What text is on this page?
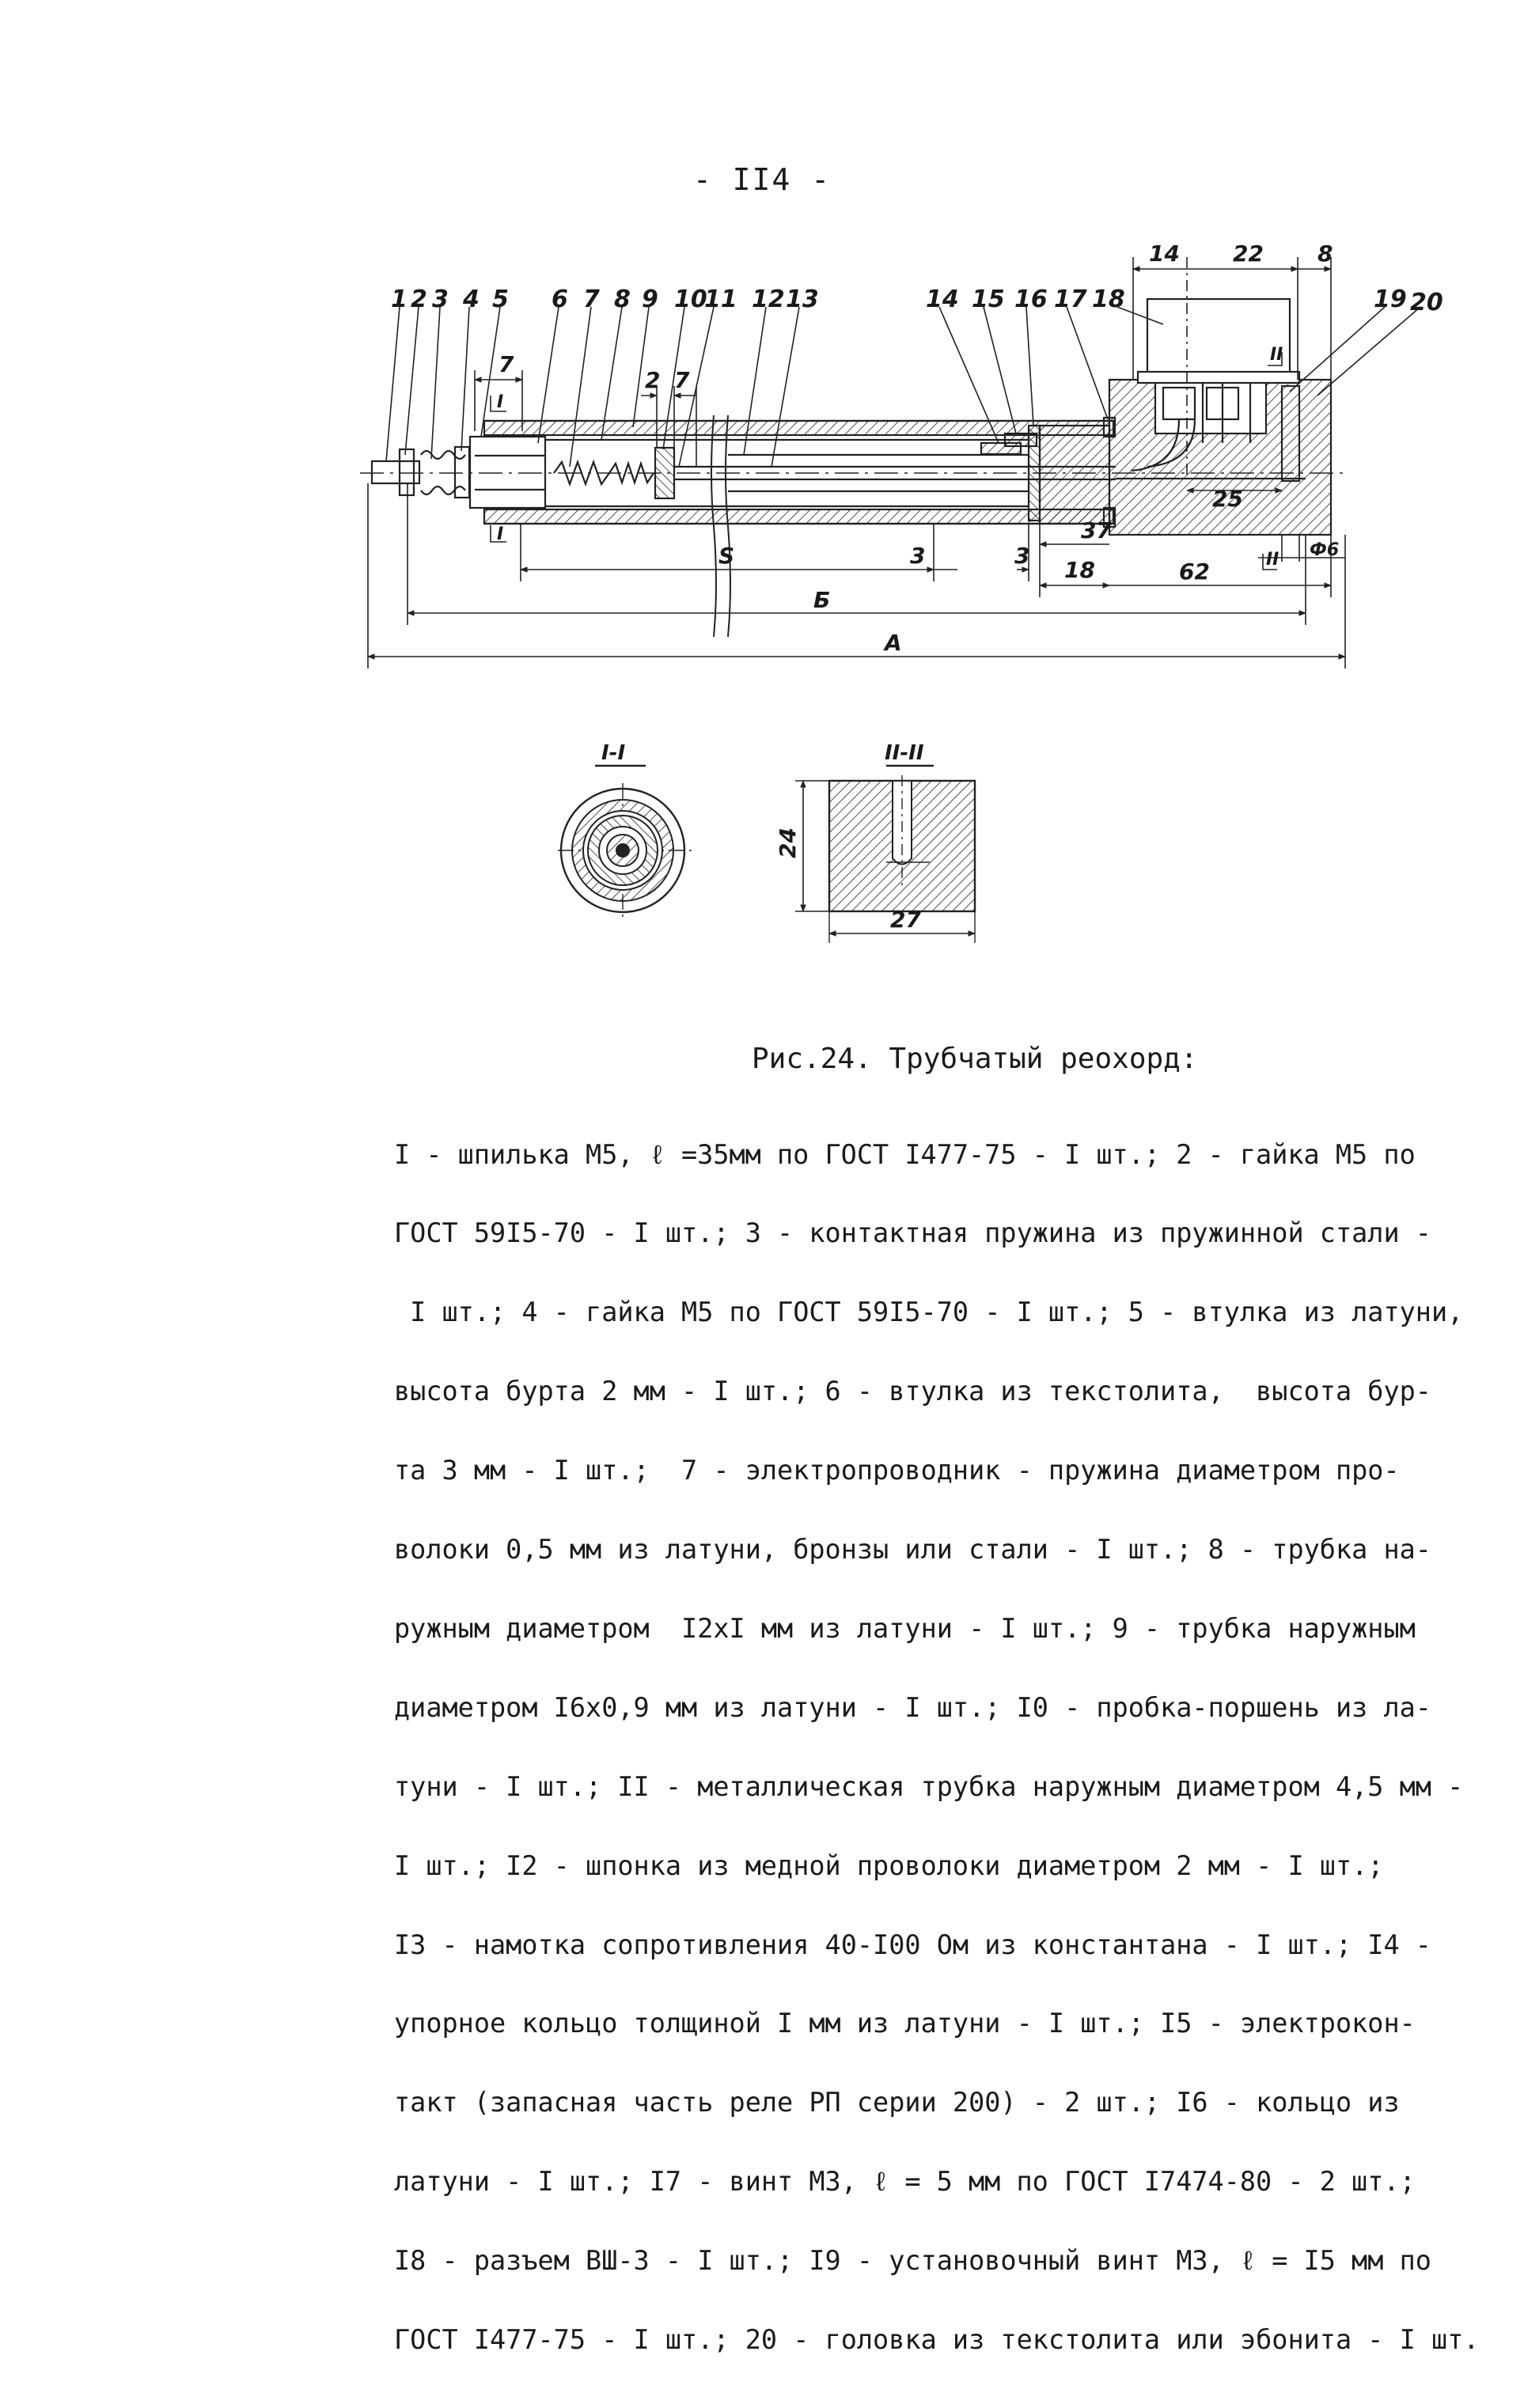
- II4 -
1 2 3 4 5 6 7 8 9 10
11 12 13	14 15 16 17 18	19 20
14 22 8
7
2 7
25
37
S	3	3
18	62
Б
А
Ф6
I
I
II
II
I-I	II-II
24
27
Рис.24. Трубчатый реохорд:

I - шпилька М5, ℓ =35мм по ГОСТ I477-75 - I шт.; 2 - гайка М5 по

ГОСТ 59I5-70 - I шт.; 3 - контактная пружина из пружинной стали -

I шт.; 4 - гайка М5 по ГОСТ 59I5-70 - I шт.; 5 - втулка из латуни,

высота бурта 2 мм - I шт.; 6 - втулка из текстолита,  высота бур-

та 3 мм - I шт.;  7 - электропроводник - пружина диаметром про-

волоки 0,5 мм из латуни, бронзы или стали - I шт.; 8 - трубка на-

ружным диаметром  I2xI мм из латуни - I шт.; 9 - трубка наружным

диаметром I6x0,9 мм из латуни - I шт.; I0 - пробка-поршень из ла-

туни - I шт.; II - металлическая трубка наружным диаметром 4,5 мм -

I шт.; I2 - шпонка из медной проволоки диаметром 2 мм - I шт.;

I3 - намотка сопротивления 40-I00 Ом из константана - I шт.; I4 -

упорное кольцо толщиной I мм из латуни - I шт.; I5 - электрокон-

такт (запасная часть реле РП серии 200) - 2 шт.; I6 - кольцо из

латуни - I шт.; I7 - винт М3, ℓ = 5 мм по ГОСТ I7474-80 - 2 шт.;

I8 - разъем ВШ-3 - I шт.; I9 - установочный винт М3, ℓ = I5 мм по

ГОСТ I477-75 - I шт.; 20 - головка из текстолита или эбонита - I шт.
